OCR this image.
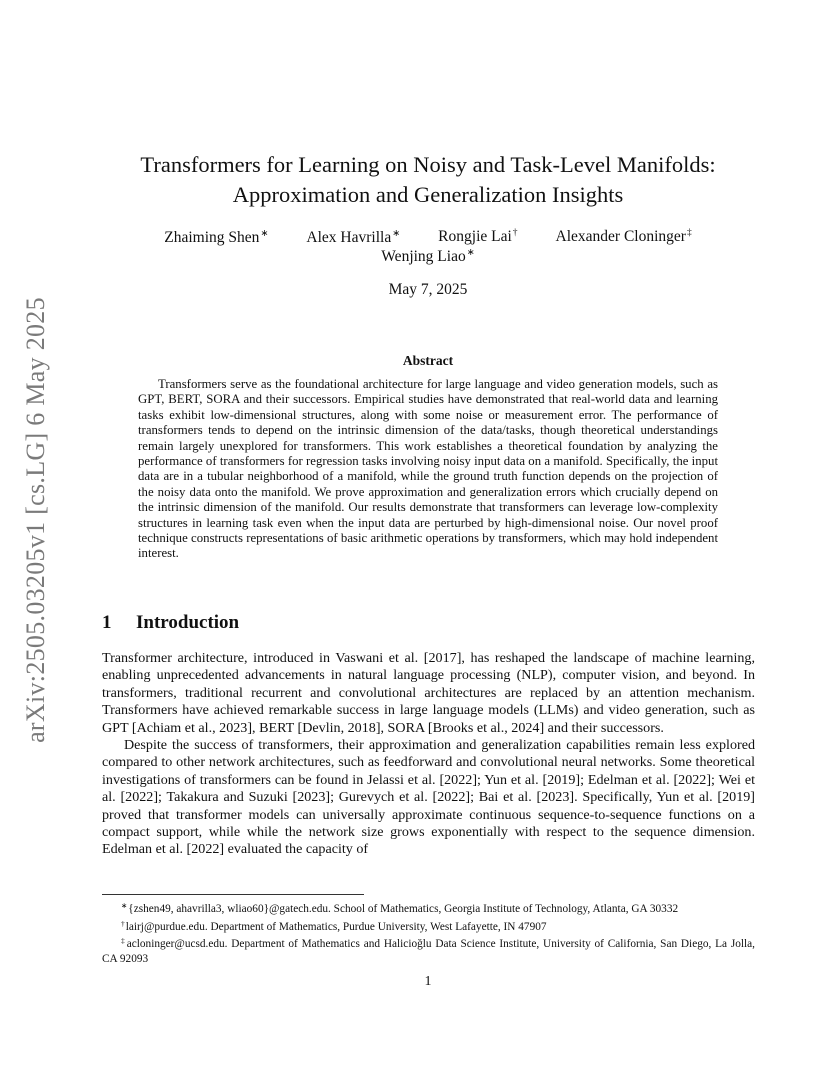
arXiv:2505.03205v1 [cs.LG] 6 May 2025
Transformers for Learning on Noisy and Task-Level Manifolds:
Approximation and Generalization Insights
Zhaiming Shen∗ Alex Havrilla∗ Rongjie Lai† Alexander Cloninger‡
Wenjing Liao∗
May 7, 2025
Abstract

Transformers serve as the foundational architecture for large language and video generation models, such as GPT, BERT, SORA and their successors. Empirical studies have demonstrated that real-world data and learning tasks exhibit low-dimensional structures, along with some noise or measurement error. The performance of transformers tends to depend on the intrinsic dimension of the data/tasks, though theoretical understandings remain largely unexplored for transformers. This work establishes a theoretical foundation by analyzing the performance of transformers for regression tasks involving noisy input data on a manifold. Specifically, the input data are in a tubular neighborhood of a manifold, while the ground truth function depends on the projection of the noisy data onto the manifold. We prove approximation and generalization errors which crucially depend on the intrinsic dimension of the manifold. Our results demonstrate that transformers can leverage low-complexity structures in learning task even when the input data are perturbed by high-dimensional noise. Our novel proof technique constructs representations of basic arithmetic operations by transformers, which may hold independent interest.

1 Introduction

Transformer architecture, introduced in Vaswani et al. [2017], has reshaped the landscape of machine learning, enabling unprecedented advancements in natural language processing (NLP), computer vision, and beyond. In transformers, traditional recurrent and convolutional architectures are replaced by an attention mechanism. Transformers have achieved remarkable success in large language models (LLMs) and video generation, such as GPT [Achiam et al., 2023], BERT [Devlin, 2018], SORA [Brooks et al., 2024] and their successors.

Despite the success of transformers, their approximation and generalization capabilities remain less explored compared to other network architectures, such as feedforward and convolutional neural networks. Some theoretical investigations of transformers can be found in Jelassi et al. [2022]; Yun et al. [2019]; Edelman et al. [2022]; Wei et al. [2022]; Takakura and Suzuki [2023]; Gurevych et al. [2022]; Bai et al. [2023]. Specifically, Yun et al. [2019] proved that transformer models can universally approximate continuous sequence-to-sequence functions on a compact support, while while the network size grows exponentially with respect to the sequence dimension. Edelman et al. [2022] evaluated the capacity of

∗{zshen49, ahavrilla3, wliao60}@gatech.edu. School of Mathematics, Georgia Institute of Technology, Atlanta, GA 30332

†lairj@purdue.edu. Department of Mathematics, Purdue University, West Lafayette, IN 47907

‡acloninger@ucsd.edu. Department of Mathematics and Halicioğlu Data Science Institute, University of California, San Diego, La Jolla, CA 92093

1
